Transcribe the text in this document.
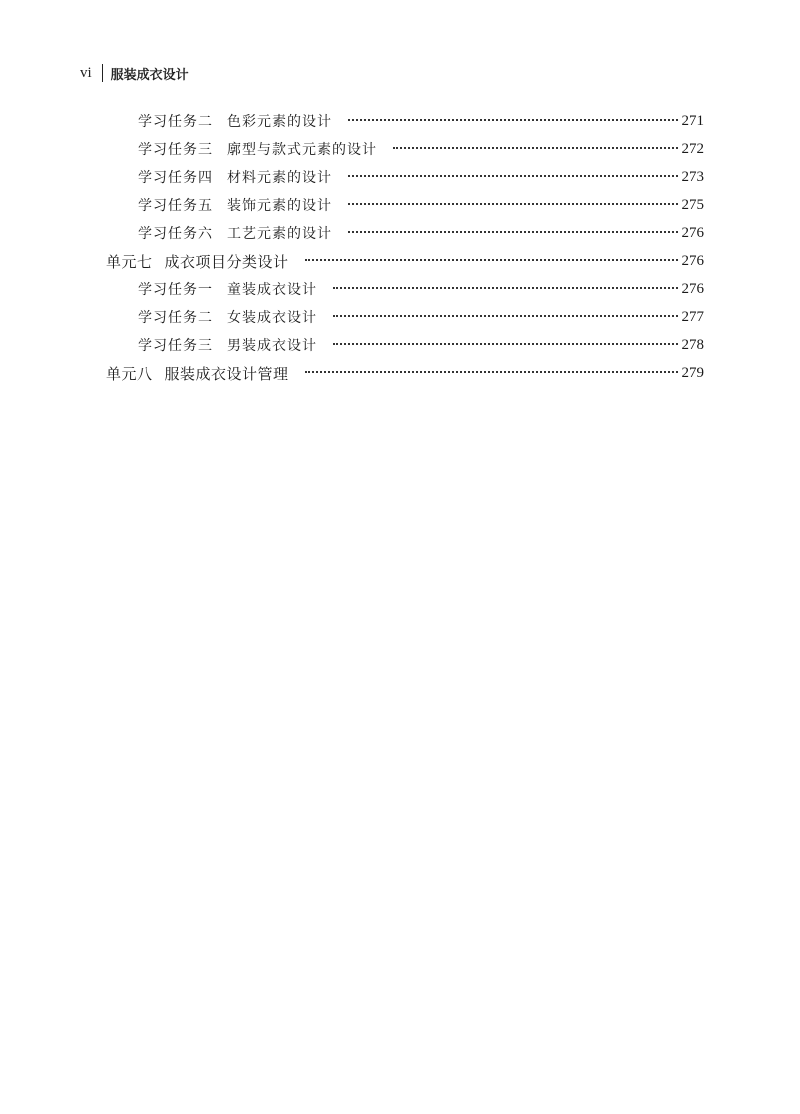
vi 服装成衣设计
学习任务二 色彩元素的设计	271
学习任务三 廓型与款式元素的设计	272
学习任务四 材料元素的设计	273
学习任务五 装饰元素的设计	275
学习任务六 工艺元素的设计	276
单元七 成衣项目分类设计	276
学习任务一 童装成衣设计	276
学习任务二 女装成衣设计	277
学习任务三 男装成衣设计	278
单元八 服装成衣设计管理	279
